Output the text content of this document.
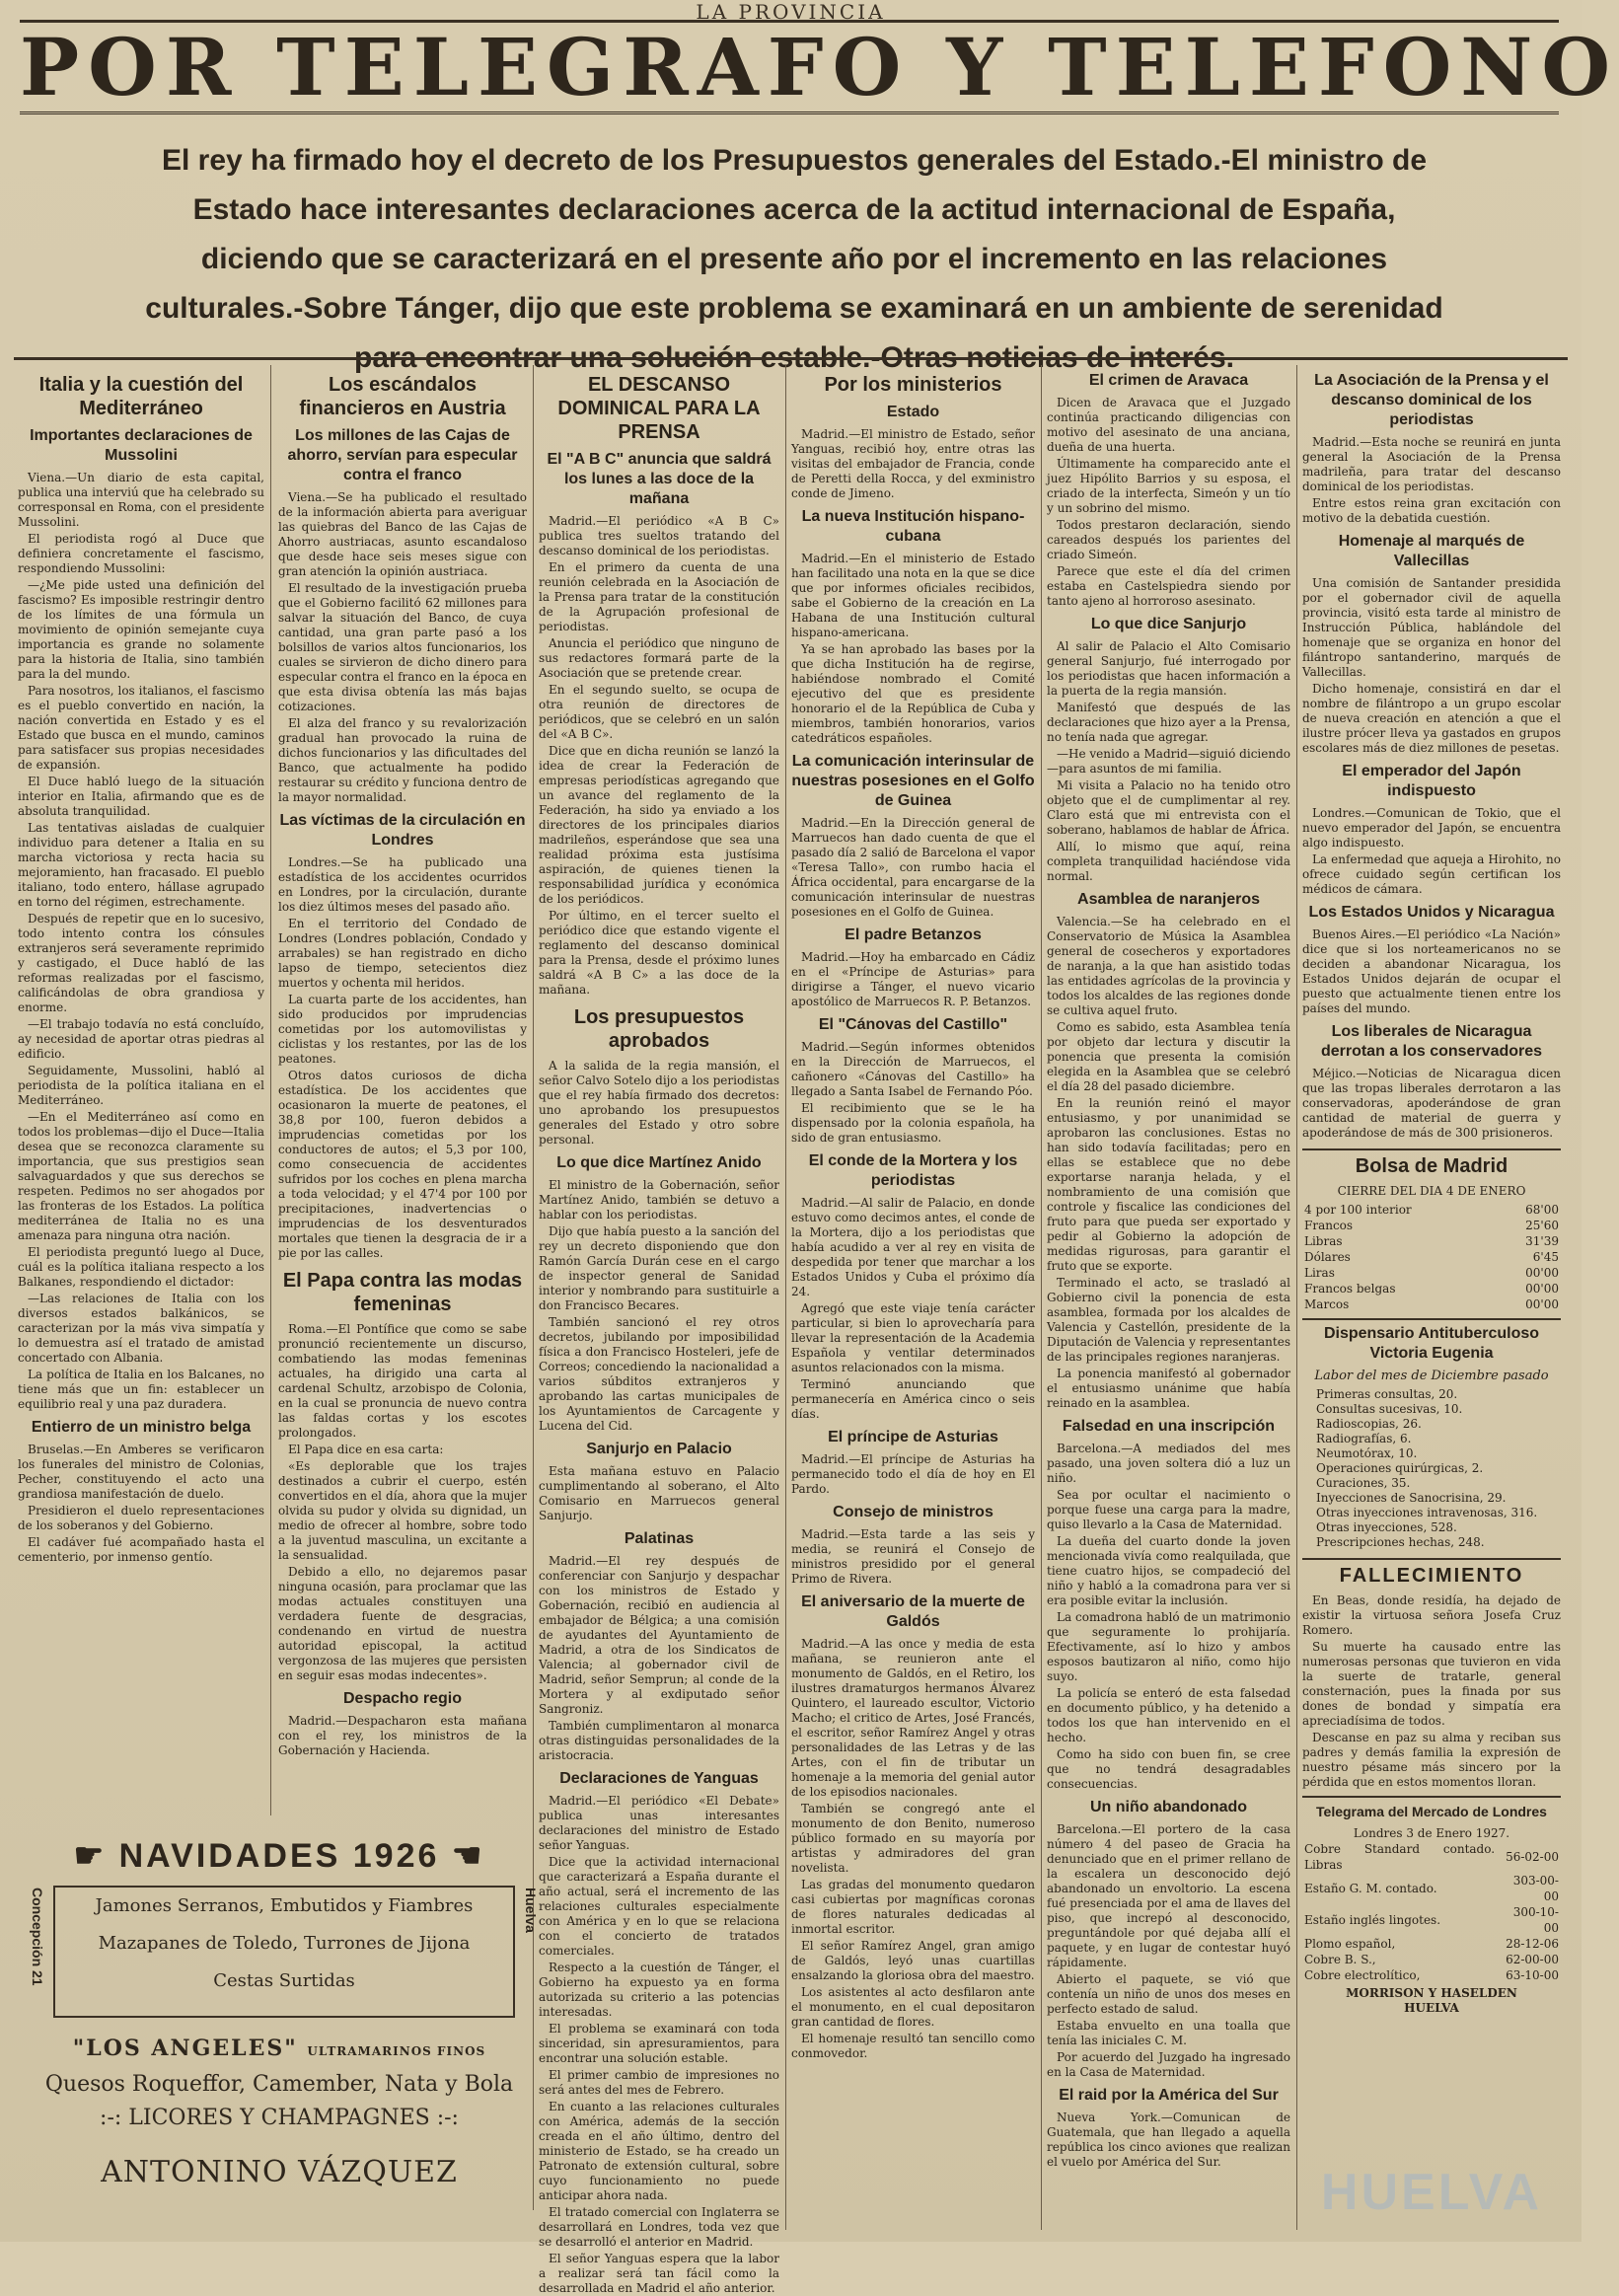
LA PROVINCIA
POR TELEGRAFO Y TELEFONO
El rey ha firmado hoy el decreto de los Presupuestos generales del Estado.-El ministro de Estado hace interesantes declaraciones acerca de la actitud internacional de España, diciendo que se caracterizará en el presente año por el incremento en las relaciones culturales.-Sobre Tánger, dijo que este problema se examinará en un ambiente de serenidad para encontrar una solución estable.-Otras noticias de interés.
Italia y la cuestión del Mediterráneo
Importantes declaraciones de Mussolini

Viena.—Un diario de esta capital, publica una interviú que ha celebrado su corresponsal en Roma, con el presidente Mussolini.

El periodista rogó al Duce que definiera concretamente el fascismo, respondiendo Mussolini:

—¿Me pide usted una definición del fascismo? Es imposible restringir dentro de los límites de una fórmula un movimiento de opinión semejante cuya importancia es grande no solamente para la historia de Italia, sino también para la del mundo.

Para nosotros, los italianos, el fascismo es el pueblo convertido en nación, la nación convertida en Estado y es el Estado que busca en el mundo, caminos para satisfacer sus propias necesidades de expansión.

El Duce habló luego de la situación interior en Italia, afirmando que es de absoluta tranquilidad.

Las tentativas aisladas de cualquier individuo para detener a Italia en su marcha victoriosa y recta hacia su mejoramiento, han fracasado. El pueblo italiano, todo entero, hállase agrupado en torno del régimen, estrechamente.

Después de repetir que en lo sucesivo, todo intento contra los cónsules extranjeros será severamente reprimido y castigado, el Duce habló de las reformas realizadas por el fascismo, calificándolas de obra grandiosa y enorme.

—El trabajo todavía no está concluído, ay necesidad de aportar otras piedras al edificio.

Seguidamente, Mussolini, habló al periodista de la política italiana en el Mediterráneo.

—En el Mediterráneo así como en todos los problemas—dijo el Duce—Italia desea que se reconozca claramente su importancia, que sus prestigios sean salvaguardados y que sus derechos se respeten. Pedimos no ser ahogados por las fronteras de los Estados. La política mediterránea de Italia no es una amenaza para ninguna otra nación.

El periodista preguntó luego al Duce, cuál es la política italiana respecto a los Balkanes, respondiendo el dictador:

—Las relaciones de Italia con los diversos estados balkánicos, se caracterizan por la más viva simpatía y lo demuestra así el tratado de amistad concertado con Albania.

La política de Italia en los Balcanes, no tiene más que un fin: establecer un equilibrio real y una paz duradera.

Entierro de un ministro belga

Bruselas.—En Amberes se verificaron los funerales del ministro de Colonias, Pecher, constituyendo el acto una grandiosa manifestación de duelo.

Presidieron el duelo representaciones de los soberanos y del Gobierno.

El cadáver fué acompañado hasta el cementerio, por inmenso gentío.

Los escándalos financieros en Austria
Los millones de las Cajas de ahorro, servían para especular contra el franco

Viena.—Se ha publicado el resultado de la información abierta para averiguar las quiebras del Banco de las Cajas de Ahorro austriacas, asunto escandaloso que desde hace seis meses sigue con gran atención la opinión austriaca.

El resultado de la investigación prueba que el Gobierno facilitó 62 millones para salvar la situación del Banco, de cuya cantidad, una gran parte pasó a los bolsillos de varios altos funcionarios, los cuales se sirvieron de dicho dinero para especular contra el franco en la época en que esta divisa obtenía las más bajas cotizaciones.

El alza del franco y su revalorización gradual han provocado la ruina de dichos funcionarios y las dificultades del Banco, que actualmente ha podido restaurar su crédito y funciona dentro de la mayor normalidad.

Las víctimas de la circulación en Londres

Londres.—Se ha publicado una estadística de los accidentes ocurridos en Londres, por la circulación, durante los diez últimos meses del pasado año.

En el territorio del Condado de Londres (Londres población, Condado y arrabales) se han registrado en dicho lapso de tiempo, setecientos diez muertos y ochenta mil heridos.

La cuarta parte de los accidentes, han sido producidos por imprudencias cometidas por los automovilistas y ciclistas y los restantes, por las de los peatones.

Otros datos curiosos de dicha estadística. De los accidentes que ocasionaron la muerte de peatones, el 38,8 por 100, fueron debidos a imprudencias cometidas por los conductores de autos; el 5,3 por 100, como consecuencia de accidentes sufridos por los coches en plena marcha a toda velocidad; y el 47'4 por 100 por precipitaciones, inadvertencias o imprudencias de los desventurados mortales que tienen la desgracia de ir a pie por las calles.

El Papa contra las modas femeninas

Roma.—El Pontífice que como se sabe pronunció recientemente un discurso, combatiendo las modas femeninas actuales, ha dirigido una carta al cardenal Schultz, arzobispo de Colonia, en la cual se pronuncia de nuevo contra las faldas cortas y los escotes prolongados.

El Papa dice en esa carta:

«Es deplorable que los trajes destinados a cubrir el cuerpo, estén convertidos en el día, ahora que la mujer olvida su pudor y olvida su dignidad, un medio de ofrecer al hombre, sobre todo a la juventud masculina, un excitante a la sensualidad.

Debido a ello, no dejaremos pasar ninguna ocasión, para proclamar que las modas actuales constituyen una verdadera fuente de desgracias, condenando en virtud de nuestra autoridad episcopal, la actitud vergonzosa de las mujeres que persisten en seguir esas modas indecentes».

Despacho regio

Madrid.—Despacharon esta mañana con el rey, los ministros de la Gobernación y Hacienda.

EL DESCANSO DOMINICAL PARA LA PRENSA
El "A B C" anuncia que saldrá los lunes a las doce de la mañana

Madrid.—El periódico «A B C» publica tres sueltos tratando del descanso dominical de los periodistas.

En el primero da cuenta de una reunión celebrada en la Asociación de la Prensa para tratar de la constitución de la Agrupación profesional de periodistas.

Anuncia el periódico que ninguno de sus redactores formará parte de la Asociación que se pretende crear.

En el segundo suelto, se ocupa de otra reunión de directores de periódicos, que se celebró en un salón del «A B C».

Dice que en dicha reunión se lanzó la idea de crear la Federación de empresas periodísticas agregando que un avance del reglamento de la Federación, ha sido ya enviado a los directores de los principales diarios madrileños, esperándose que sea una realidad próxima esta justísima aspiración, de quienes tienen la responsabilidad jurídica y económica de los periódicos.

Por último, en el tercer suelto el periódico dice que estando vigente el reglamento del descanso dominical para la Prensa, desde el próximo lunes saldrá «A B C» a las doce de la mañana.

Los presupuestos aprobados

A la salida de la regia mansión, el señor Calvo Sotelo dijo a los periodistas que el rey había firmado dos decretos: uno aprobando los presupuestos generales del Estado y otro sobre personal.

Lo que dice Martínez Anido

El ministro de la Gobernación, señor Martínez Anido, también se detuvo a hablar con los periodistas.

Dijo que había puesto a la sanción del rey un decreto disponiendo que don Ramón García Durán cese en el cargo de inspector general de Sanidad interior y nombrando para sustituirle a don Francisco Becares.

También sancionó el rey otros decretos, jubilando por imposibilidad física a don Francisco Hosteleri, jefe de Correos; concediendo la nacionalidad a varios súbditos extranjeros y aprobando las cartas municipales de los Ayuntamientos de Carcagente y Lucena del Cid.

Sanjurjo en Palacio

Esta mañana estuvo en Palacio cumplimentando al soberano, el Alto Comisario en Marruecos general Sanjurjo.

Palatinas

Madrid.—El rey después de conferenciar con Sanjurjo y despachar con los ministros de Estado y Gobernación, recibió en audiencia al embajador de Bélgica; a una comisión de ayudantes del Ayuntamiento de Madrid, a otra de los Sindicatos de Valencia; al gobernador civil de Madrid, señor Semprun; al conde de la Mortera y al exdiputado señor Sangroniz.

También cumplimentaron al monarca otras distinguidas personalidades de la aristocracia.

Declaraciones de Yanguas

Madrid.—El periódico «El Debate» publica unas interesantes declaraciones del ministro de Estado señor Yanguas.

Dice que la actividad internacional que caracterizará a España durante el año actual, será el incremento de las relaciones culturales especialmente con América y en lo que se relaciona con el concierto de tratados comerciales.

Respecto a la cuestión de Tánger, el Gobierno ha expuesto ya en forma autorizada su criterio a las potencias interesadas.

El problema se examinará con toda sinceridad, sin apresuramientos, para encontrar una solución estable.

El primer cambio de impresiones no será antes del mes de Febrero.

En cuanto a las relaciones culturales con América, además de la sección creada en el año último, dentro del ministerio de Estado, se ha creado un Patronato de extensión cultural, sobre cuyo funcionamiento no puede anticipar ahora nada.

El tratado comercial con Inglaterra se desarrollará en Londres, toda vez que se desarrolló el anterior en Madrid.

El señor Yanguas espera que la labor a realizar será tan fácil como la desarrollada en Madrid el año anterior.

Por los ministerios
Estado

Madrid.—El ministro de Estado, señor Yanguas, recibió hoy, entre otras las visitas del embajador de Francia, conde de Peretti della Rocca, y del exministro conde de Jimeno.

La nueva Institución hispano-cubana

Madrid.—En el ministerio de Estado han facilitado una nota en la que se dice que por informes oficiales recibidos, sabe el Gobierno de la creación en La Habana de una Institución cultural hispano-americana.

Ya se han aprobado las bases por la que dicha Institución ha de regirse, habiéndose nombrado el Comité ejecutivo del que es presidente honorario el de la República de Cuba y miembros, también honorarios, varios catedráticos españoles.

La comunicación interinsular de nuestras posesiones en el Golfo de Guinea

Madrid.—En la Dirección general de Marruecos han dado cuenta de que el pasado día 2 salió de Barcelona el vapor «Teresa Tallo», con rumbo hacia el África occidental, para encargarse de la comunicación interinsular de nuestras posesiones en el Golfo de Guinea.

El padre Betanzos

Madrid.—Hoy ha embarcado en Cádiz en el «Príncipe de Asturias» para dirigirse a Tánger, el nuevo vicario apostólico de Marruecos R. P. Betanzos.

El "Cánovas del Castillo"

Madrid.—Según informes obtenidos en la Dirección de Marruecos, el cañonero «Cánovas del Castillo» ha llegado a Santa Isabel de Fernando Póo.

El recibimiento que se le ha dispensado por la colonia española, ha sido de gran entusiasmo.

El conde de la Mortera y los periodistas

Madrid.—Al salir de Palacio, en donde estuvo como decimos antes, el conde de la Mortera, dijo a los periodistas que había acudido a ver al rey en visita de despedida por tener que marchar a los Estados Unidos y Cuba el próximo día 24.

Agregó que este viaje tenía carácter particular, si bien lo aprovecharía para llevar la representación de la Academia Española y ventilar determinados asuntos relacionados con la misma.

Terminó anunciando que permanecería en América cinco o seis días.

El príncipe de Asturias

Madrid.—El príncipe de Asturias ha permanecido todo el día de hoy en El Pardo.

Consejo de ministros

Madrid.—Esta tarde a las seis y media, se reunirá el Consejo de ministros presidido por el general Primo de Rivera.

El aniversario de la muerte de Galdós

Madrid.—A las once y media de esta mañana, se reunieron ante el monumento de Galdós, en el Retiro, los ilustres dramaturgos hermanos Álvarez Quintero, el laureado escultor, Victorio Macho; el critico de Artes, José Francés, el escritor, señor Ramírez Angel y otras personalidades de las Letras y de las Artes, con el fin de tributar un homenaje a la memoria del genial autor de los episodios nacionales.

También se congregó ante el monumento de don Benito, numeroso público formado en su mayoría por artistas y admiradores del gran novelista.

Las gradas del monumento quedaron casi cubiertas por magníficas coronas de flores naturales dedicadas al inmortal escritor.

El señor Ramírez Angel, gran amigo de Galdós, leyó unas cuartillas ensalzando la gloriosa obra del maestro.

Los asistentes al acto desfilaron ante el monumento, en el cual depositaron gran cantidad de flores.

El homenaje resultó tan sencillo como conmovedor.

El crimen de Aravaca

Dicen de Aravaca que el Juzgado continúa practicando diligencias con motivo del asesinato de una anciana, dueña de una huerta.

Últimamente ha comparecido ante el juez Hipólito Barrios y su esposa, el criado de la interfecta, Simeón y un tío y un sobrino del mismo.

Todos prestaron declaración, siendo careados después los parientes del criado Simeón.

Parece que este el día del crimen estaba en Castelspiedra siendo por tanto ajeno al horroroso asesinato.

Lo que dice Sanjurjo

Al salir de Palacio el Alto Comisario general Sanjurjo, fué interrogado por los periodistas que hacen información a la puerta de la regia mansión.

Manifestó que después de las declaraciones que hizo ayer a la Prensa, no tenía nada que agregar.

—He venido a Madrid—siguió diciendo—para asuntos de mi familia.

Mi visita a Palacio no ha tenido otro objeto que el de cumplimentar al rey. Claro está que mi entrevista con el soberano, hablamos de hablar de África.

Allí, lo mismo que aquí, reina completa tranquilidad haciéndose vida normal.

Asamblea de naranjeros

Valencia.—Se ha celebrado en el Conservatorio de Música la Asamblea general de cosecheros y exportadores de naranja, a la que han asistido todas las entidades agrícolas de la provincia y todos los alcaldes de las regiones donde se cultiva aquel fruto.

Como es sabido, esta Asamblea tenía por objeto dar lectura y discutir la ponencia que presenta la comisión elegida en la Asamblea que se celebró el día 28 del pasado diciembre.

En la reunión reinó el mayor entusiasmo, y por unanimidad se aprobaron las conclusiones. Estas no han sido todavía facilitadas; pero en ellas se establece que no debe exportarse naranja helada, y el nombramiento de una comisión que controle y fiscalice las condiciones del fruto para que pueda ser exportado y pedir al Gobierno la adopción de medidas rigurosas, para garantir el fruto que se exporte.

Terminado el acto, se trasladó al Gobierno civil la ponencia de esta asamblea, formada por los alcaldes de Valencia y Castellón, presidente de la Diputación de Valencia y representantes de las principales regiones naranjeras.

La ponencia manifestó al gobernador el entusiasmo unánime que había reinado en la asamblea.

Falsedad en una inscripción

Barcelona.—A mediados del mes pasado, una joven soltera dió a luz un niño.

Sea por ocultar el nacimiento o porque fuese una carga para la madre, quiso llevarlo a la Casa de Maternidad.

La dueña del cuarto donde la joven mencionada vivía como realquilada, que tiene cuatro hijos, se compadeció del niño y habló a la comadrona para ver si era posible evitar la inclusión.

La comadrona habló de un matrimonio que seguramente lo prohijaría. Efectivamente, así lo hizo y ambos esposos bautizaron al niño, como hijo suyo.

La policía se enteró de esta falsedad en documento público, y ha detenido a todos los que han intervenido en el hecho.

Como ha sido con buen fin, se cree que no tendrá desagradables consecuencias.

Un niño abandonado

Barcelona.—El portero de la casa número 4 del paseo de Gracia ha denunciado que en el primer rellano de la escalera un desconocido dejó abandonado un envoltorio. La escena fué presenciada por el ama de llaves del piso, que increpó al desconocido, preguntándole por qué dejaba allí el paquete, y en lugar de contestar huyó rápidamente.

Abierto el paquete, se vió que contenía un niño de unos dos meses en perfecto estado de salud.

Estaba envuelto en una toalla que tenía las iniciales C. M.

Por acuerdo del Juzgado ha ingresado en la Casa de Maternidad.

El raid por la América del Sur

Nueva York.—Comunican de Guatemala, que han llegado a aquella república los cinco aviones que realizan el vuelo por América del Sur.

La Asociación de la Prensa y el descanso dominical de los periodistas

Madrid.—Esta noche se reunirá en junta general la Asociación de la Prensa madrileña, para tratar del descanso dominical de los periodistas.

Entre estos reina gran excitación con motivo de la debatida cuestión.

Homenaje al marqués de Vallecillas

Una comisión de Santander presidida por el gobernador civil de aquella provincia, visitó esta tarde al ministro de Instrucción Pública, hablándole del homenaje que se organiza en honor del filántropo santanderino, marqués de Vallecillas.

Dicho homenaje, consistirá en dar el nombre de filántropo a un grupo escolar de nueva creación en atención a que el ilustre prócer lleva ya gastados en grupos escolares más de diez millones de pesetas.

El emperador del Japón indispuesto

Londres.—Comunican de Tokio, que el nuevo emperador del Japón, se encuentra algo indispuesto.

La enfermedad que aqueja a Hirohito, no ofrece cuidado según certifican los médicos de cámara.

Los Estados Unidos y Nicaragua

Buenos Aires.—El periódico «La Nación» dice que si los norteamericanos no se deciden a abandonar Nicaragua, los Estados Unidos dejarán de ocupar el puesto que actualmente tienen entre los países del mundo.

Los liberales de Nicaragua derrotan a los conservadores

Méjico.—Noticias de Nicaragua dicen que las tropas liberales derrotaron a las conservadoras, apoderándose de gran cantidad de material de guerra y apoderándose de más de 300 prisioneros.

Bolsa de Madrid
CIERRE DEL DIA 4 DE ENERO
4 por 100 interior	68'00
Francos	25'60
Libras	31'39
Dólares	6'45
Liras	00'00
Francos belgas	00'00
Marcos	00'00
Dispensario Antituberculoso Victoria Eugenia
Labor del mes de Diciembre pasado
Primeras consultas, 20.
Consultas sucesivas, 10.
Radioscopias, 26.
Radiografías, 6.
Neumotórax, 10.
Operaciones quirúrgicas, 2.
Curaciones, 35.
Inyecciones de Sanocrisina, 29.
Otras inyecciones intravenosas, 316.
Otras inyecciones, 528.
Prescripciones hechas, 248.
FALLECIMIENTO

En Beas, donde residía, ha dejado de existir la virtuosa señora Josefa Cruz Romero.

Su muerte ha causado entre las numerosas personas que tuvieron en vida la suerte de tratarle, general consternación, pues la finada por sus dones de bondad y simpatía era apreciadísima de todos.

Descanse en paz su alma y reciban sus padres y demás familia la expresión de nuestro pésame más sincero por la pérdida que en estos momentos lloran.

Telegrama del Mercado de Londres
Londres 3 de Enero 1927.
Cobre Standard contado. Libras	56-02-00
Estaño G. M. contado.	303-00-00
Estaño inglés lingotes.	300-10-00
Plomo español,	28-12-06
Cobre B. S.,	62-00-00
Cobre electrolítico,	63-10-00
MORRISON Y HASELDEN
HUELVA
☛ NAVIDADES 1926 ☚
Concepción 21	Huelva
Jamones Serranos, Embutidos y Fiambres
Mazapanes de Toledo, Turrones de Jijona
Cestas Surtidas
"LOS ANGELES" ULTRAMARINOS FINOS
Quesos Roqueffor, Camember, Nata y Bola
:-: LICORES Y CHAMPAGNES :-:
ANTONINO VÁZQUEZ	HUELVA
